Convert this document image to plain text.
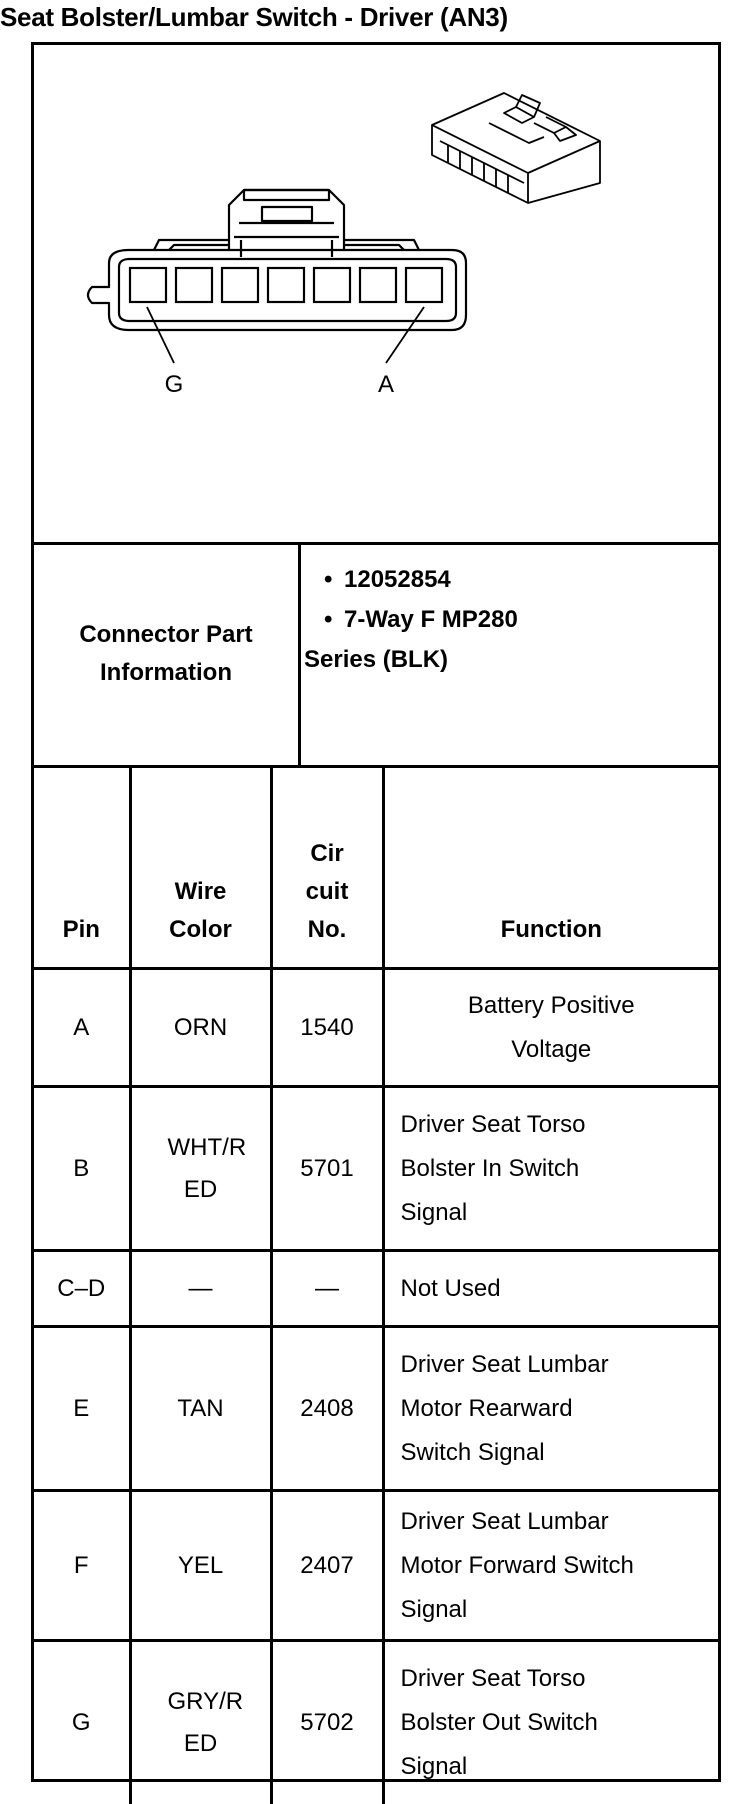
Seat Bolster/Lumbar Switch - Driver (AN3)
G	A
Connector Part Information
• 12052854
• 7-Way F MP280
Series (BLK)
Pin	Wire Color	Cir cuit No.	Function
A	ORN	1540	Battery Positive Voltage

B	WHT/R ED	5701	Driver Seat Torso Bolster In Switch Signal

C–D	—	—	Not Used
E	TAN	2408	Driver Seat Lumbar Motor Rearward Switch Signal

F	YEL	2407	Driver Seat Lumbar Motor Forward Switch Signal

G	GRY/R ED	5702	Driver Seat Torso Bolster Out Switch Signal
